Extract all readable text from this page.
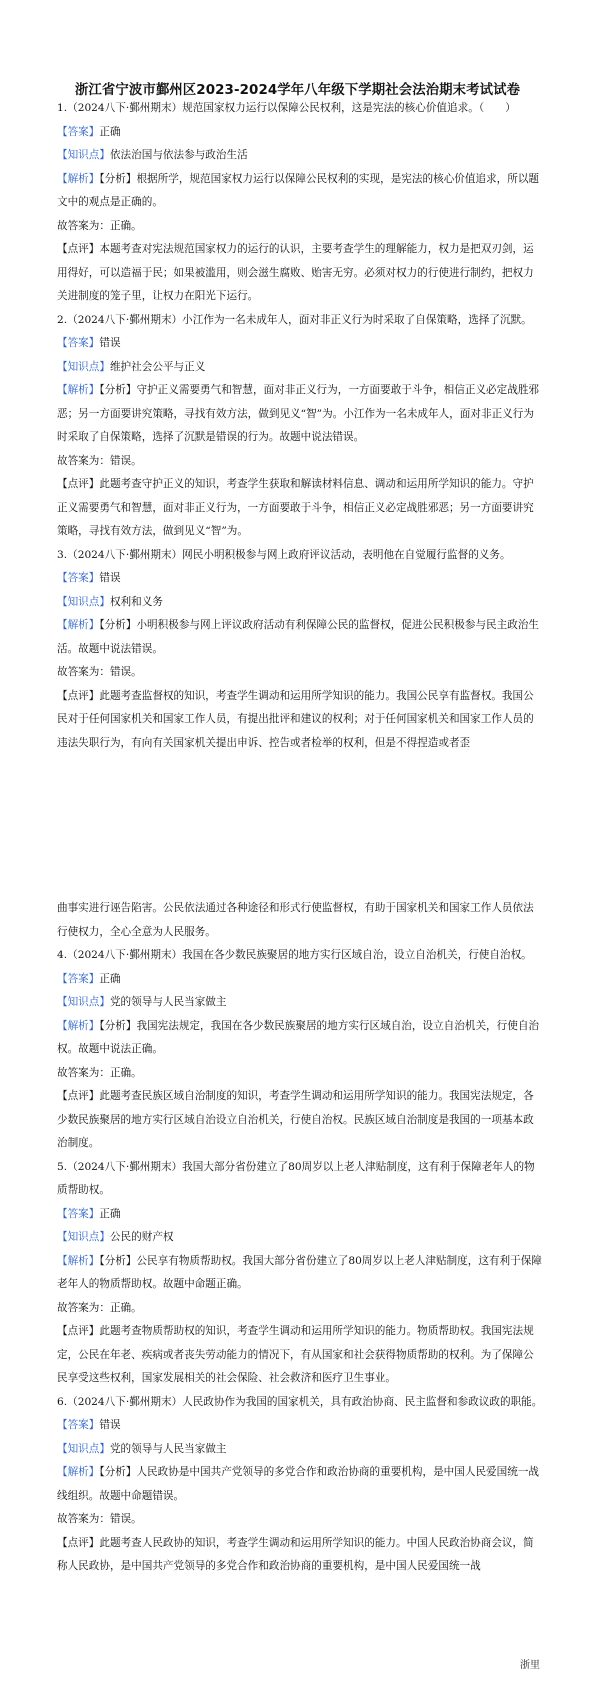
浙江省宁波市鄞州区2023-2024学年八年级下学期社会法治期末考试试卷

1.（2024八下·鄞州期末）规范国家权力运行以保障公民权利，这是宪法的核心价值追求。（　　）

【答案】正确

【知识点】依法治国与依法参与政治生活

【解析】【分析】根据所学，规范国家权力运行以保障公民权利的实现，是宪法的核心价值追求，所以题文中的观点是正确的。

故答案为：正确。

【点评】本题考查对宪法规范国家权力的运行的认识，主要考查学生的理解能力，权力是把双刃剑，运用得好，可以造福于民；如果被滥用，则会滋生腐败、贻害无穷。必须对权力的行使进行制约，把权力关进制度的笼子里，让权力在阳光下运行。

2.（2024八下·鄞州期末）小江作为一名未成年人，面对非正义行为时采取了自保策略，选择了沉默。

【答案】错误

【知识点】维护社会公平与正义

【解析】【分析】守护正义需要勇气和智慧，面对非正义行为，一方面要敢于斗争，相信正义必定战胜邪恶；另一方面要讲究策略，寻找有效方法，做到见义“智”为。小江作为一名未成年人，面对非正义行为时采取了自保策略，选择了沉默是错误的行为。故题中说法错误。

故答案为：错误。

【点评】此题考查守护正义的知识，考查学生获取和解读材料信息、调动和运用所学知识的能力。守护正义需要勇气和智慧，面对非正义行为，一方面要敢于斗争，相信正义必定战胜邪恶；另一方面要讲究策略，寻找有效方法，做到见义“智”为。

3.（2024八下·鄞州期末）网民小明积极参与网上政府评议活动，表明他在自觉履行监督的义务。

【答案】错误

【知识点】权利和义务

【解析】【分析】小明积极参与网上评议政府活动有利保障公民的监督权，促进公民积极参与民主政治生活。故题中说法错误。

故答案为：错误。

【点评】此题考查监督权的知识，考查学生调动和运用所学知识的能力。我国公民享有监督权。我国公民对于任何国家机关和国家工作人员，有提出批评和建议的权利；对于任何国家机关和国家工作人员的违法失职行为，有向有关国家机关提出申诉、控告或者检举的权利，但是不得捏造或者歪

曲事实进行诬告陷害。公民依法通过各种途径和形式行使监督权，有助于国家机关和国家工作人员依法行使权力，全心全意为人民服务。

4.（2024八下·鄞州期末）我国在各少数民族聚居的地方实行区域自治，设立自治机关，行使自治权。

【答案】正确

【知识点】党的领导与人民当家做主

【解析】【分析】我国宪法规定，我国在各少数民族聚居的地方实行区域自治，设立自治机关，行使自治权。故题中说法正确。

故答案为：正确。

【点评】此题考查民族区域自治制度的知识，考查学生调动和运用所学知识的能力。我国宪法规定，各少数民族聚居的地方实行区域自治设立自治机关，行使自治权。民族区域自治制度是我国的一项基本政治制度。

5.（2024八下·鄞州期末）我国大部分省份建立了80周岁以上老人津贴制度，这有利于保障老年人的物质帮助权。

【答案】正确

【知识点】公民的财产权

【解析】【分析】公民享有物质帮助权。我国大部分省份建立了80周岁以上老人津贴制度，这有利于保障老年人的物质帮助权。故题中命题正确。

故答案为：正确。

【点评】此题考查物质帮助权的知识，考查学生调动和运用所学知识的能力。物质帮助权。我国宪法规定，公民在年老、疾病或者丧失劳动能力的情况下，有从国家和社会获得物质帮助的权利。为了保障公民享受这些权利，国家发展相关的社会保险、社会救济和医疗卫生事业。

6.（2024八下·鄞州期末）人民政协作为我国的国家机关，具有政治协商、民主监督和参政议政的职能。

【答案】错误

【知识点】党的领导与人民当家做主

【解析】【分析】人民政协是中国共产党领导的多党合作和政治协商的重要机构，是中国人民爱国统一战线组织。故题中命题错误。

故答案为：错误。

【点评】此题考查人民政协的知识，考查学生调动和运用所学知识的能力。中国人民政治协商会议，简称人民政协，是中国共产党领导的多党合作和政治协商的重要机构，是中国人民爱国统一战

浙里
